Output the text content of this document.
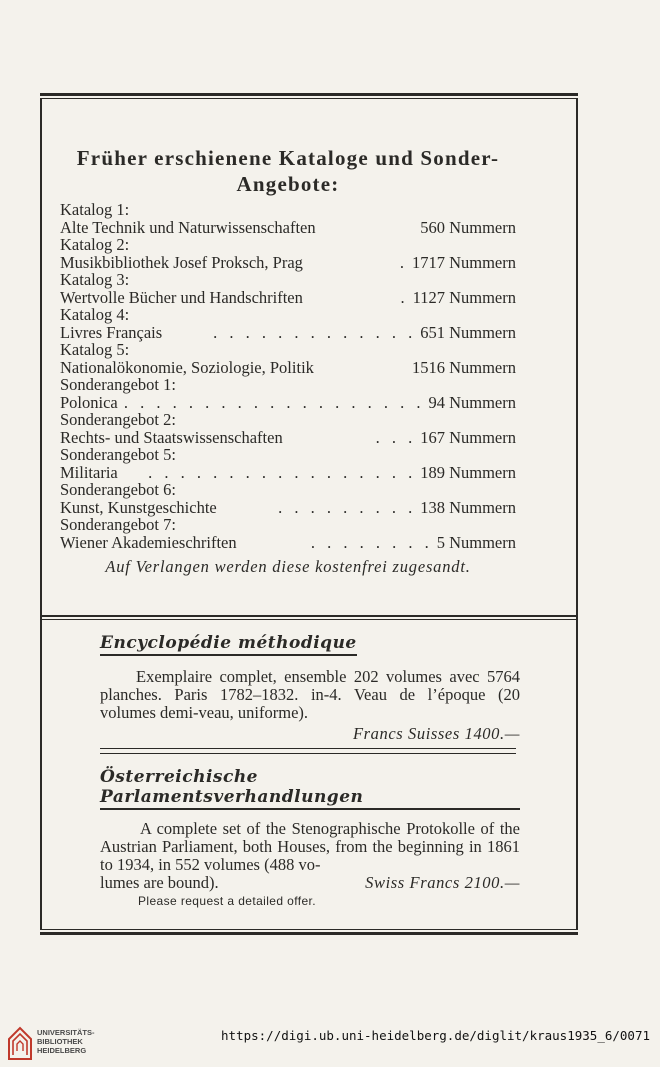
Früher erschienene Kataloge und Sonder-
Angebote:
Katalog 1:
Alte Technik und Naturwissenschaften	560 Nummern
Katalog 2:
Musikbibliothek Josef Proksch, Prag	. 1717 Nummern
Katalog 3:
Wertvolle Bücher und Handschriften	. 1127 Nummern
Katalog 4:
Livres Français	. . . . . . . . . . . . . 651 Nummern
Katalog 5:
Nationalökonomie, Soziologie, Politik	1516 Nummern
Sonderangebot 1:
Polonica . . . . . . . . . . . . . . . . . . . 94 Nummern
Sonderangebot 2:
Rechts- und Staatswissenschaften	. . . 167 Nummern
Sonderangebot 5:
Militaria	. . . . . . . . . . . . . . . . . 189 Nummern
Sonderangebot 6:
Kunst, Kunstgeschichte	. . . . . . . . . 138 Nummern
Sonderangebot 7:
Wiener Akademieschriften	. . . . . . . . 5 Nummern
Auf Verlangen werden diese kostenfrei zugesandt.
Encyclopédie méthodique

Exemplaire complet, ensemble 202 volumes avec 5764 planches. Paris 1782–1832. in-4. Veau de l’époque (20 volumes demi-veau, uniforme).

Francs Suisses 1400.—
Österreichische Parlamentsverhandlungen

A complete set of the Stenographische Protokolle of the Austrian Parliament, both Houses, from the beginning in 1861 to 1934, in 552 volumes (488 vo-

lumes are bound).	Swiss Francs 2100.—
Please request a detailed offer.
UNIVERSITÄTS-
BIBLIOTHEK
HEIDELBERG
https://digi.ub.uni-heidelberg.de/diglit/kraus1935_6/0071
